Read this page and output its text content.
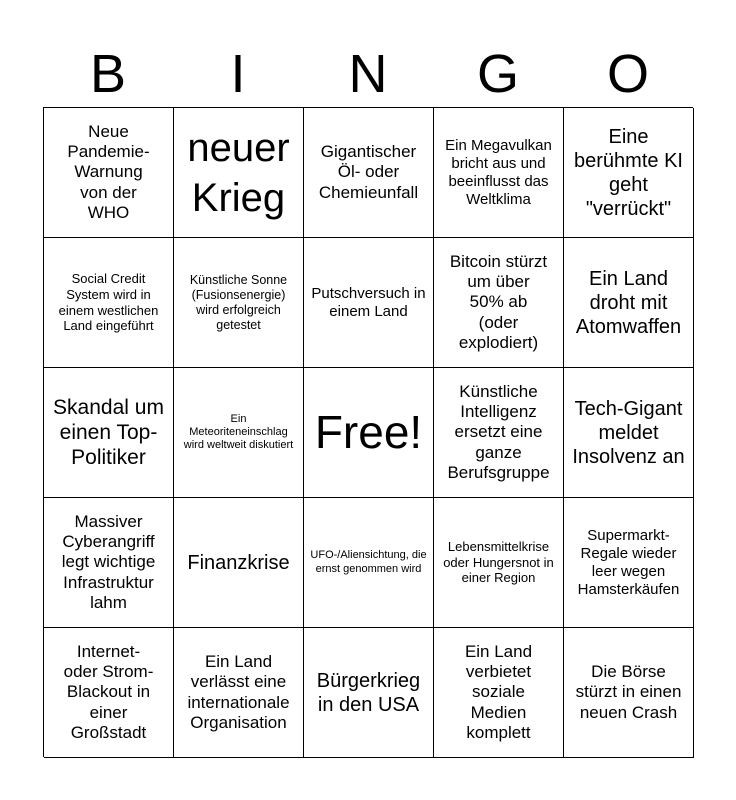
B	I	N	G	O
Neue Pandemie-Warnung von der WHO
neuer Krieg
Gigantischer Öl- oder Chemieunfall
Ein Megavulkan bricht aus und beeinflusst das Weltklima
Eine berühmte KI geht "verrückt"
Social Credit System wird in einem westlichen Land eingeführt
Künstliche Sonne (Fusionsenergie) wird erfolgreich getestet
Putschversuch in einem Land
Bitcoin stürzt um über 50% ab (oder explodiert)
Ein Land droht mit Atomwaffen
Skandal um einen Top-Politiker
Ein Meteoriteneinschlag wird weltweit diskutiert Free!
Künstliche Intelligenz ersetzt eine ganze Berufsgruppe
Tech-Gigant meldet Insolvenz an
Massiver Cyberangriff legt wichtige Infrastruktur lahm
Finanzkrise UFO-/Aliensichtung, die ernst genommen wird
Lebensmittelkrise oder Hungersnot in einer Region
Supermarkt-Regale wieder leer wegen Hamsterkäufen
Internet- oder Strom-Blackout in einer Großstadt
Ein Land verlässt eine internationale Organisation
Bürgerkrieg in den USA
Ein Land verbietet soziale Medien komplett
Die Börse stürzt in einen neuen Crash
